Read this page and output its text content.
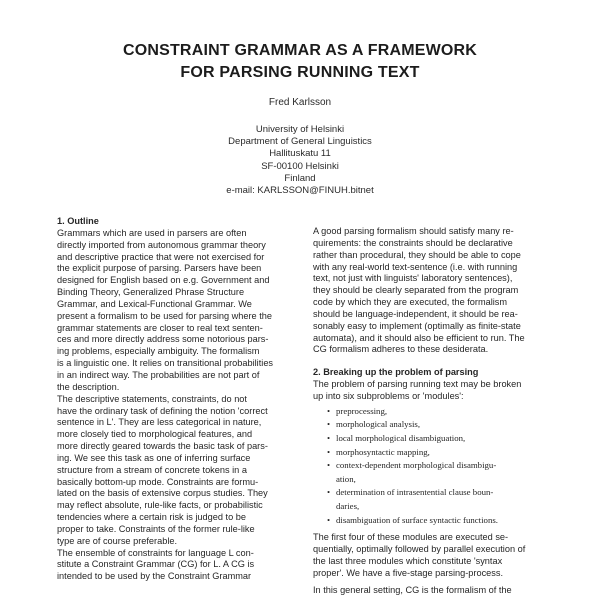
CONSTRAINT GRAMMAR AS A FRAMEWORK
FOR PARSING RUNNING TEXT
Fred Karlsson
University of Helsinki
Department of General Linguistics
Hallituskatu 11
SF-00100 Helsinki
Finland
e-mail: KARLSSON@FINUH.bitnet
1. Outline
Grammars which are used in parsers are often
directly imported from autonomous grammar theory
and descriptive practice that were not exercised for
the explicit purpose of parsing. Parsers have been
designed for English based on e.g. Government and
Binding Theory, Generalized Phrase Structure
Grammar, and Lexical-Functional Grammar. We
present a formalism to be used for parsing where the
grammar statements are closer to real text senten-
ces and more directly address some notorious pars-
ing problems, especially ambiguity. The formalism
is a linguistic one. It relies on transitional probabilities
in an indirect way. The probabilities are not part of
the description.
The descriptive statements, constraints, do not
have the ordinary task of defining the notion 'correct
sentence in L'. They are less categorical in nature,
more closely tied to morphological features, and
more directly geared towards the basic task of pars-
ing. We see this task as one of inferring surface
structure from a stream of concrete tokens in a
basically bottom-up mode. Constraints are formu-
lated on the basis of extensive corpus studies. They
may reflect absolute, rule-like facts, or probabilistic
tendencies where a certain risk is judged to be
proper to take. Constraints of the former rule-like
type are of course preferable.
The ensemble of constraints for language L con-
stitute a Constraint Grammar (CG) for L. A CG is
intended to be used by the Constraint Grammar
A good parsing formalism should satisfy many re-
quirements: the constraints should be declarative
rather than procedural, they should be able to cope
with any real-world text-sentence (i.e. with running
text, not just with linguists' laboratory sentences),
they should be clearly separated from the program
code by which they are executed, the formalism
should be language-independent, it should be rea-
sonably easy to implement (optimally as finite-state
automata), and it should also be efficient to run. The
CG formalism adheres to these desiderata.
2. Breaking up the problem of parsing
The problem of parsing running text may be broken
up into six subproblems or 'modules':
• preprocessing,
• morphological analysis,
• local morphological disambiguation,
• morphosyntactic mapping,
• context-dependent morphological disambigu-
ation,
• determination of intrasentential clause boun-
daries,
• disambiguation of surface syntactic functions.
The first four of these modules are executed se-
quentially, optimally followed by parallel execution of
the last three modules which constitute 'syntax
proper'. We have a five-stage parsing-process.
In this general setting, CG is the formalism of the
